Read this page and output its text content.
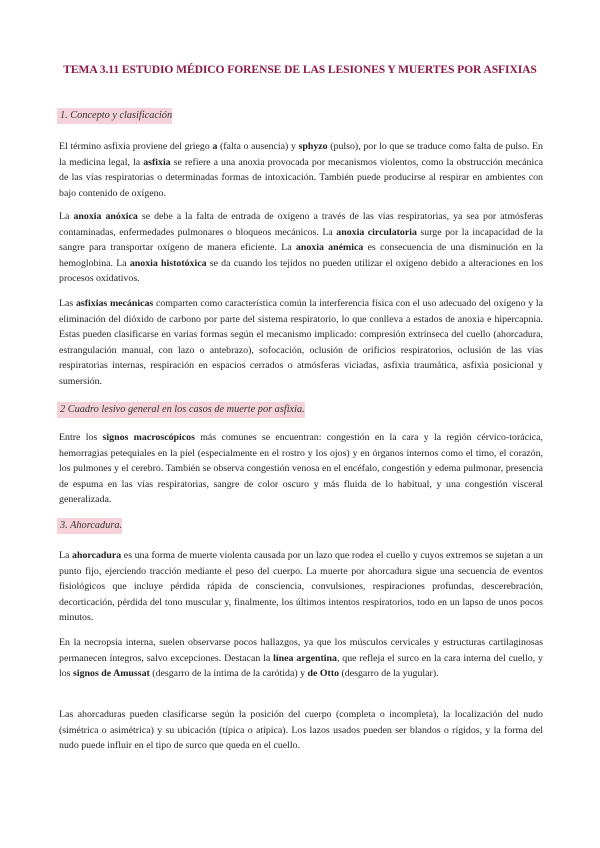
TEMA 3.11 ESTUDIO MÉDICO FORENSE DE LAS LESIONES Y MUERTES POR ASFIXIAS
1. Concepto y clasificación

El término asfixia proviene del griego a (falta o ausencia) y sphyzo (pulso), por lo que se traduce como falta de pulso. En la medicina legal, la asfixia se refiere a una anoxia provocada por mecanismos violentos, como la obstrucción mecánica de las vías respiratorias o determinadas formas de intoxicación. También puede producirse al respirar en ambientes con bajo contenido de oxígeno.

La anoxia anóxica se debe a la falta de entrada de oxígeno a través de las vías respiratorias, ya sea por atmósferas contaminadas, enfermedades pulmonares o bloqueos mecánicos. La anoxia circulatoria surge por la incapacidad de la sangre para transportar oxígeno de manera eficiente. La anoxia anémica es consecuencia de una disminución en la hemoglobina. La anoxia histotóxica se da cuando los tejidos no pueden utilizar el oxígeno debido a alteraciones en los procesos oxidativos.

Las asfixias mecánicas comparten como característica común la interferencia física con el uso adecuado del oxígeno y la eliminación del dióxido de carbono por parte del sistema respiratorio, lo que conlleva a estados de anoxia e hipercapnia. Estas pueden clasificarse en varias formas según el mecanismo implicado: compresión extrínseca del cuello (ahorcadura, estrangulación manual, con lazo o antebrazo), sofocación, oclusión de orificios respiratorios, oclusión de las vías respiratorias internas, respiración en espacios cerrados o atmósferas viciadas, asfixia traumática, asfixia posicional y sumersión.

2 Cuadro lesivo general en los casos de muerte por asfixia.

Entre los signos macroscópicos más comunes se encuentran: congestión en la cara y la región cérvico-torácica, hemorragias petequiales en la piel (especialmente en el rostro y los ojos) y en órganos internos como el timo, el corazón, los pulmones y el cerebro. También se observa congestión venosa en el encéfalo, congestión y edema pulmonar, presencia de espuma en las vías respiratorias, sangre de color oscuro y más fluida de lo habitual, y una congestión visceral generalizada.

3. Ahorcadura.

La ahorcadura es una forma de muerte violenta causada por un lazo que rodea el cuello y cuyos extremos se sujetan a un punto fijo, ejerciendo tracción mediante el peso del cuerpo. La muerte por ahorcadura sigue una secuencia de eventos fisiológicos que incluye pérdida rápida de consciencia, convulsiones, respiraciones profundas, descerebración, decorticación, pérdida del tono muscular y, finalmente, los últimos intentos respiratorios, todo en un lapso de unos pocos minutos.

En la necropsia interna, suelen observarse pocos hallazgos, ya que los músculos cervicales y estructuras cartilaginosas permanecen íntegros, salvo excepciones. Destacan la línea argentina, que refleja el surco en la cara interna del cuello, y los signos de Amussat (desgarro de la íntima de la carótida) y de Otto (desgarro de la yugular).

Las ahorcaduras pueden clasificarse según la posición del cuerpo (completa o incompleta), la localización del nudo (simétrica o asimétrica) y su ubicación (típica o atípica). Los lazos usados pueden ser blandos o rígidos, y la forma del nudo puede influir en el tipo de surco que queda en el cuello.
